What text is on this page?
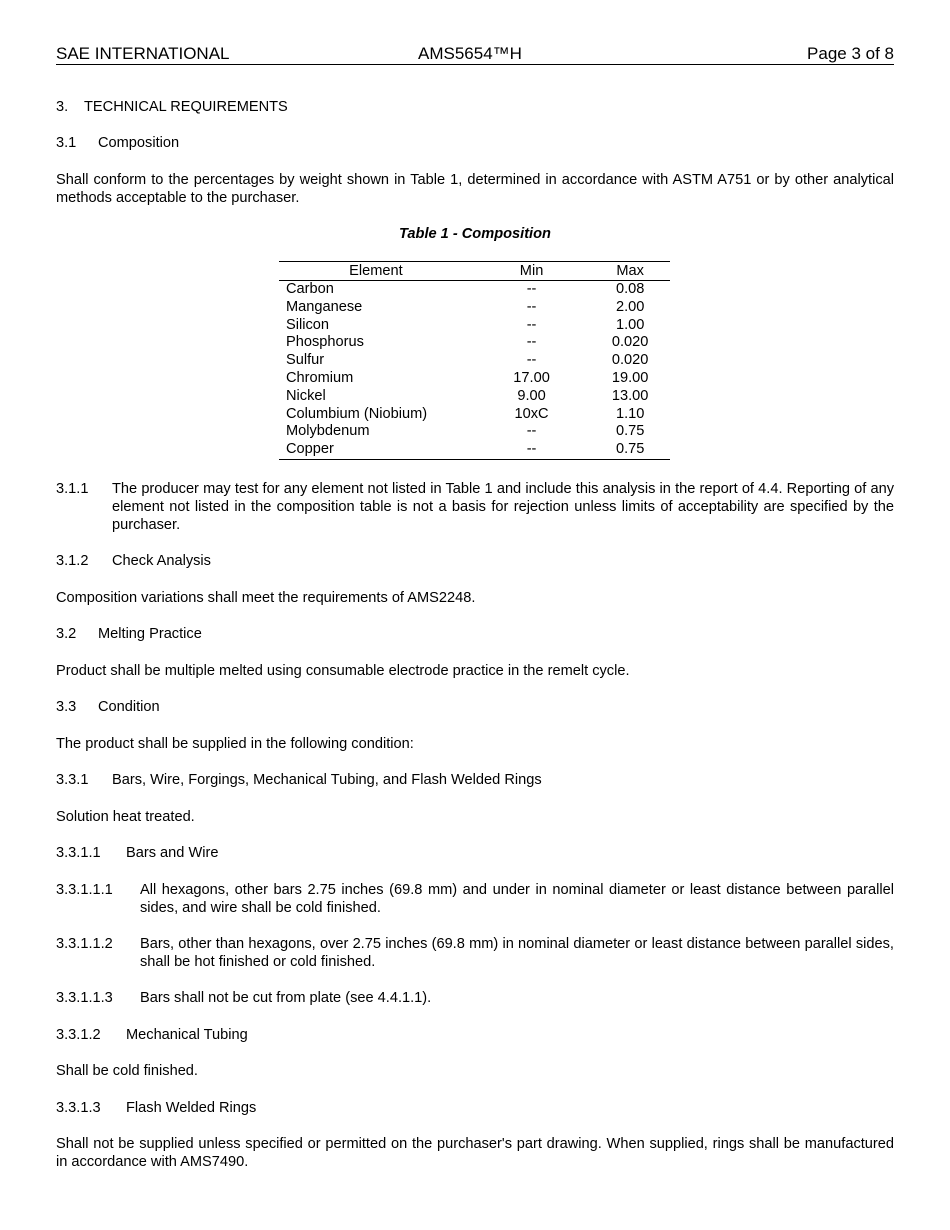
SAE INTERNATIONAL	AMS5654™H	Page 3 of 8
3. TECHNICAL REQUIREMENTS
3.1 Composition
Shall conform to the percentages by weight shown in Table 1, determined in accordance with ASTM A751 or by other analytical methods acceptable to the purchaser.
Table 1 - Composition
Element	Min	Max
Carbon	--	0.08
Manganese	--	2.00
Silicon	--	1.00
Phosphorus	--	0.020
Sulfur	--	0.020
Chromium	17.00	19.00
Nickel	9.00	13.00
Columbium (Niobium)	10xC	1.10
Molybdenum	--	0.75
Copper	--	0.75
3.1.1 The producer may test for any element not listed in Table 1 and include this analysis in the report of 4.4. Reporting of any element not listed in the composition table is not a basis for rejection unless limits of acceptability are specified by the purchaser.
3.1.2 Check Analysis
Composition variations shall meet the requirements of AMS2248.
3.2 Melting Practice
Product shall be multiple melted using consumable electrode practice in the remelt cycle.
3.3 Condition
The product shall be supplied in the following condition:
3.3.1 Bars, Wire, Forgings, Mechanical Tubing, and Flash Welded Rings
Solution heat treated.
3.3.1.1 Bars and Wire
3.3.1.1.1 All hexagons, other bars 2.75 inches (69.8 mm) and under in nominal diameter or least distance between parallel sides, and wire shall be cold finished.
3.3.1.1.2 Bars, other than hexagons, over 2.75 inches (69.8 mm) in nominal diameter or least distance between parallel sides, shall be hot finished or cold finished.
3.3.1.1.3 Bars shall not be cut from plate (see 4.4.1.1).
3.3.1.2 Mechanical Tubing
Shall be cold finished.
3.3.1.3 Flash Welded Rings
Shall not be supplied unless specified or permitted on the purchaser's part drawing. When supplied, rings shall be manufactured in accordance with AMS7490.
